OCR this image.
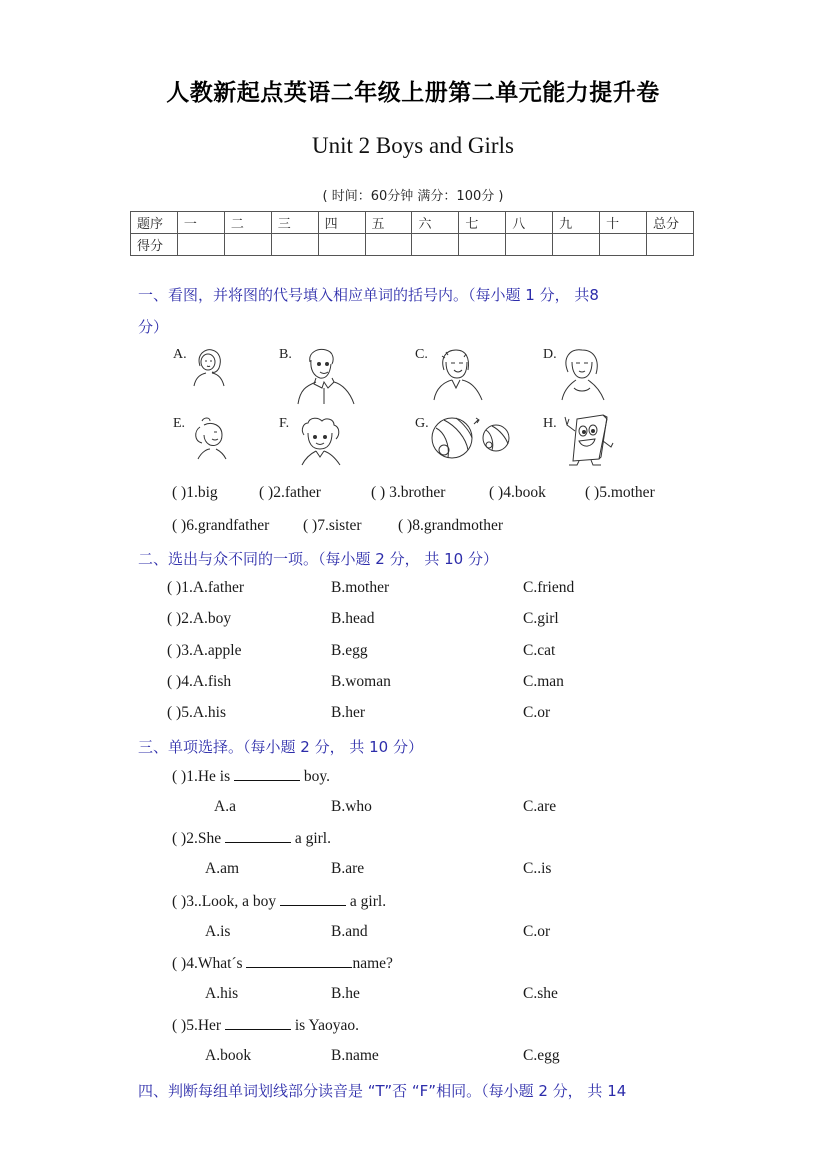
人教新起点英语二年级上册第二单元能力提升卷
Unit 2 Boys and Girls
( 时间：60分钟 满分：100分 )
题序	一	二	三	四	五	六	七	八	九	十	总分
得分											
一、看图，并将图的代号填入相应单词的括号内。（每小题 1 分， 共8
分）
A.	B.	C.	D.
E.	F.	G.	H.
( )1.big	( )2.father	( ) 3.brother	( )4.book	( )5.mother
( )6.grandfather ( )7.sister ( )8.grandmother
二、选出与众不同的一项。（每小题 2 分， 共 10 分）
( )1.A.father	B.mother	C.friend
( )2.A.boy	B.head	C.girl
( )3.A.apple	B.egg	C.cat
( )4.A.fish	B.woman	C.man
( )5.A.his	B.her	C.or
三、单项选择。（每小题 2 分， 共 10 分）
( )1.He is	boy.
A.a	B.who	C.are
( )2.She	a girl.
A.am	B.are	C..is
( )3..Look, a boy	a girl.
A.is	B.and	C.or
( )4.What´s	name?
A.his	B.he	C.she
( )5.Her	is Yaoyao.
A.book	B.name	C.egg
四、判断每组单词划线部分读音是 “T”否 “F”相同。（每小题 2 分， 共 14
